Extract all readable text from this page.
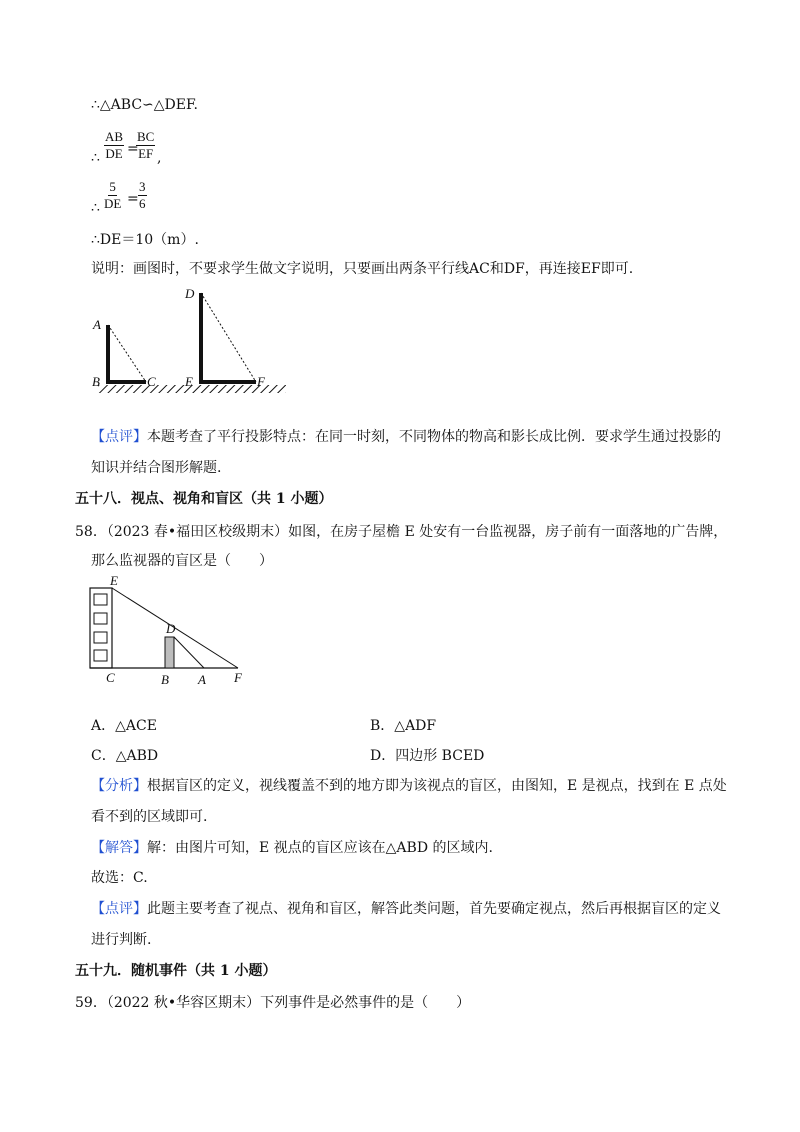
∴△ABC∽△DEF.
∴ $\frac{AB}{DE}$ =
$\frac{BC}{EF}$ ,
∴ $\frac{5}{DE} = \frac{3}{6}$
∴DE＝10（m）.
说明：画图时，不要求学生做文字说明，只要画出两条平行线AC和DF，再连接EF即可.
A
B	C
D
E	F
【点评】本题考查了平行投影特点：在同一时刻，不同物体的物高和影长成比例．要求学生通过投影的
知识并结合图形解题.
五十八．视点、视角和盲区（共 1 小题）
58．（2023 春•福田区校级期末）如图，在房子屋檐 E 处安有一台监视器，房子前有一面落地的广告牌，
那么监视器的盲区是（　　）
E
D
C	B A F
A．△ACE	B．△ADF
C．△ABD	D．四边形 BCED
【分析】根据盲区的定义，视线覆盖不到的地方即为该视点的盲区，由图知，E 是视点，找到在 E 点处
看不到的区域即可.
【解答】解：由图片可知，E 视点的盲区应该在△ABD 的区域内.
故选：C.
【点评】此题主要考查了视点、视角和盲区，解答此类问题，首先要确定视点，然后再根据盲区的定义
进行判断.
五十九．随机事件（共 1 小题）
59．（2022 秋•华容区期末）下列事件是必然事件的是（　　）
